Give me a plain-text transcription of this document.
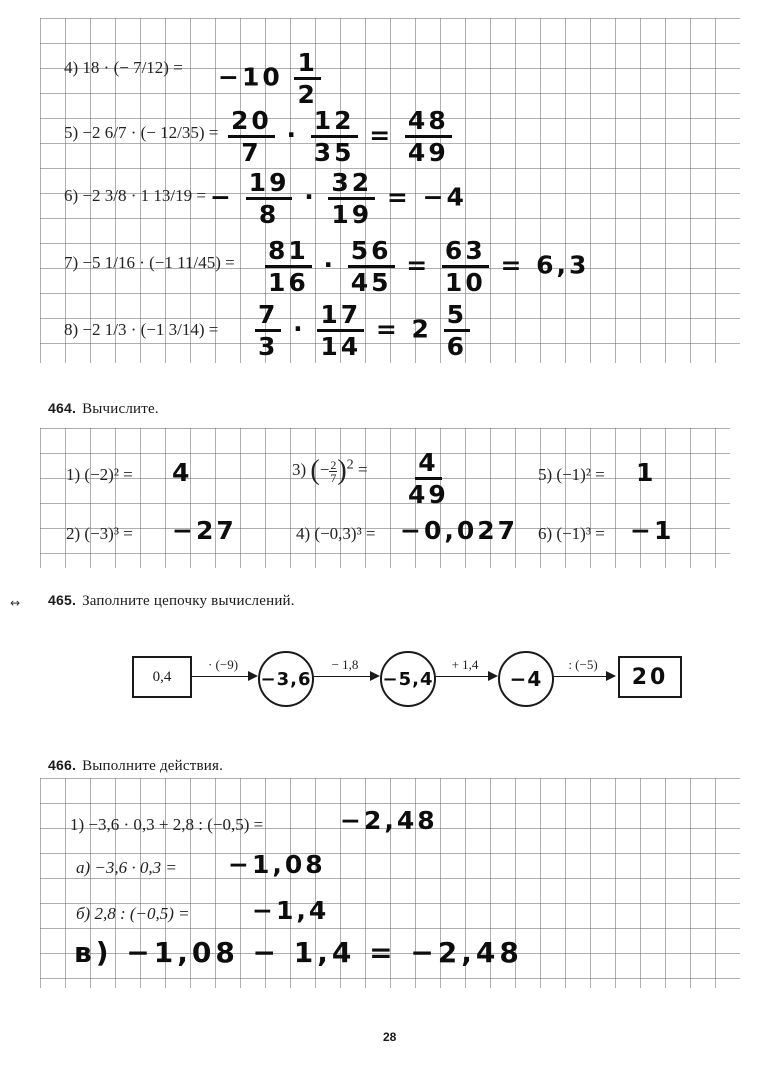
4) 18 · (− $7/12) = -10 \frac{1}{2}$
5) −2 6/7 · (− $12/35) = \frac{20}{7} \cdot \frac{12}{35} = \frac{48}{49}$
6) −2 3/8 · 1 13/19 = − $\frac{19}{8} \cdot \frac{32}{19} = -4$
7) −5 1/16 · (−1 $11/45) = \frac{81}{16} \cdot \frac{56}{45} = \frac{63}{10} = 6,3$
8) −2 1/3 · (−1 $3/14) = \frac{7}{3} \cdot \frac{17}{14} = 2 \frac{5}{6}$
464. Вычислите.
1) (−2)² = 4
2) (−3)³ = −27
3) (− $\frac{2}{7} )^2 = \frac{4}{49}$
4) (−0,3)³ = −0,027
5) (−1)² = 1
6) (−1)³ = −1
↔ 465. Заполните цепочку вычислений.
0,4
· (−9)
−3,6
− 1,8
−5,4
+ 1,4
−4
: (−5)	20
466. Выполните действия.
1) −3,6 · 0,3 + 2,8 : (−0,5) =	−2,48
а) −3,6 · 0,3 = −1,08
б) 2,8 : (−0,5) = −1,4
в) −1,08 − 1,4 = −2,48
28
